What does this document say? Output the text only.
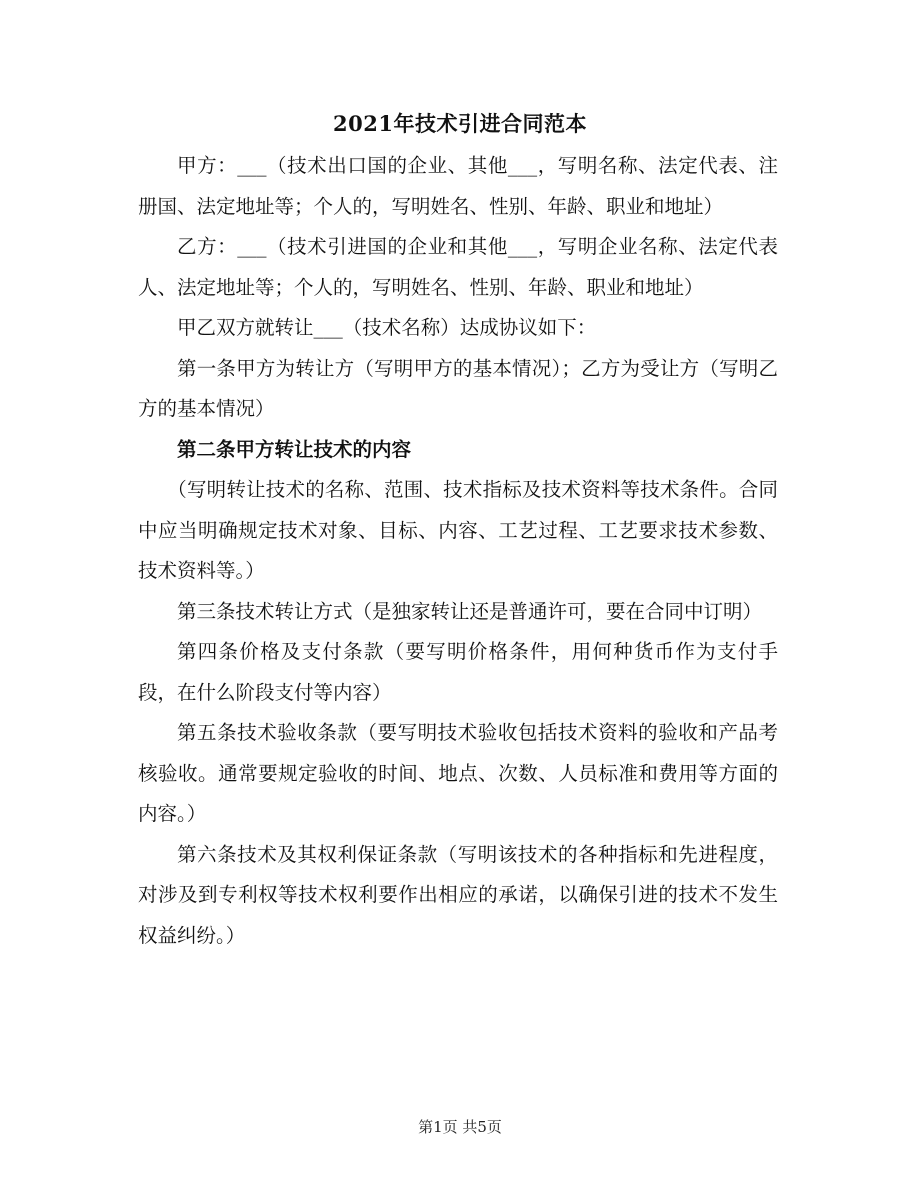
2021年技术引进合同范本

甲方：___（技术出口国的企业、其他___，写明名称、法定代表、注册国、法定地址等；个人的，写明姓名、性别、年龄、职业和地址）

乙方：___（技术引进国的企业和其他___，写明企业名称、法定代表人、法定地址等；个人的，写明姓名、性别、年龄、职业和地址）

甲乙双方就转让___（技术名称）达成协议如下：

第一条甲方为转让方（写明甲方的基本情况）；乙方为受让方（写明乙方的基本情况）

第二条甲方转让技术的内容

（写明转让技术的名称、范围、技术指标及技术资料等技术条件。合同中应当明确规定技术对象、目标、内容、工艺过程、工艺要求技术参数、技术资料等。）

第三条技术转让方式（是独家转让还是普通许可，要在合同中订明）

第四条价格及支付条款（要写明价格条件，用何种货币作为支付手段，在什么阶段支付等内容）

第五条技术验收条款（要写明技术验收包括技术资料的验收和产品考核验收。通常要规定验收的时间、地点、次数、人员标准和费用等方面的内容。）

第六条技术及其权利保证条款（写明该技术的各种指标和先进程度，对涉及到专利权等技术权利要作出相应的承诺，以确保引进的技术不发生权益纠纷。）

第1页 共5页
